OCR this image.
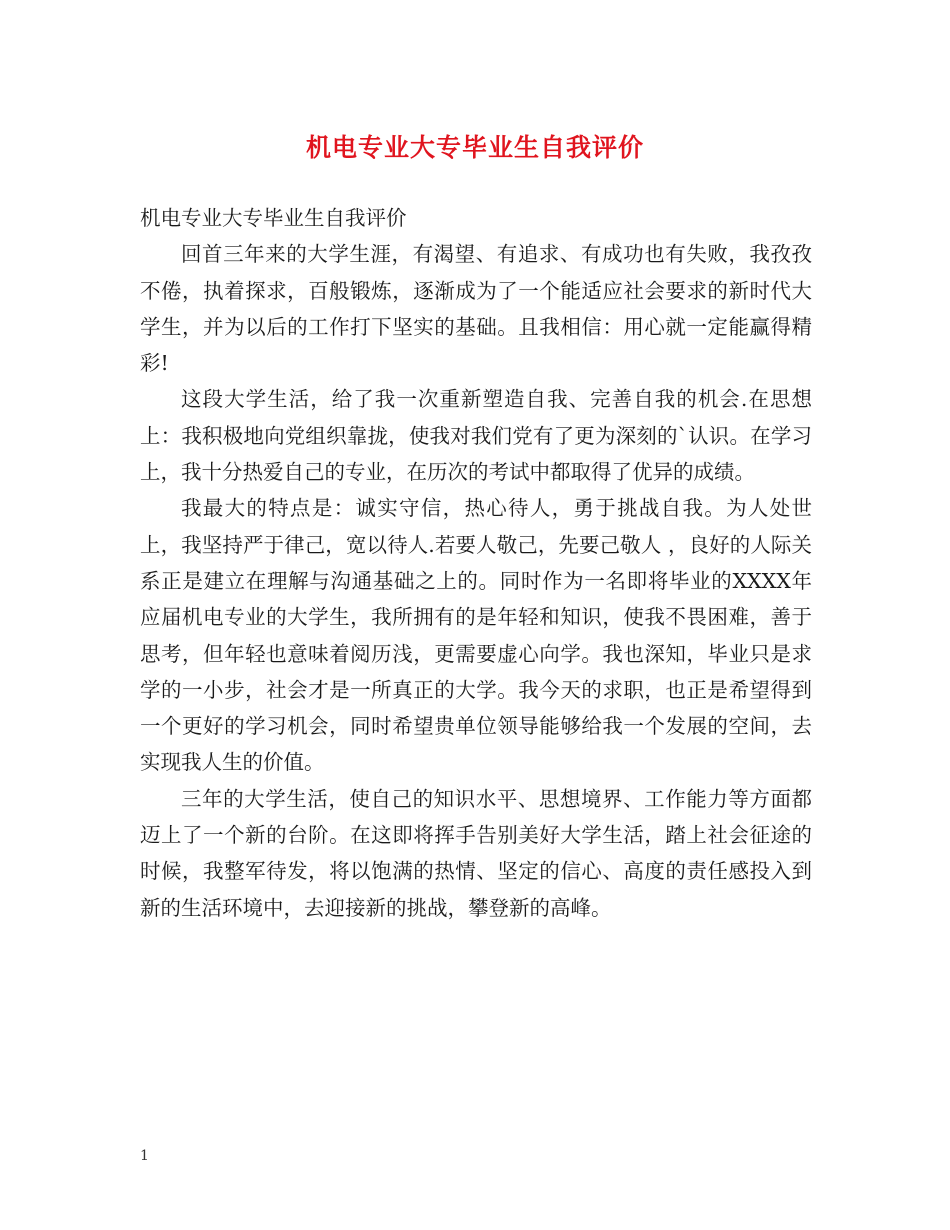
机电专业大专毕业生自我评价

机电专业大专毕业生自我评价

回首三年来的大学生涯，有渴望、有追求、有成功也有失败，我孜孜不倦，执着探求，百般锻炼，逐渐成为了一个能适应社会要求的新时代大学生，并为以后的工作打下坚实的基础。且我相信：用心就一定能赢得精彩!

这段大学生活，给了我一次重新塑造自我、完善自我的机会.在思想上：我积极地向党组织靠拢，使我对我们党有了更为深刻的`认识。在学习上，我十分热爱自己的专业，在历次的考试中都取得了优异的成绩。

我最大的特点是：诚实守信，热心待人，勇于挑战自我。为人处世上，我坚持严于律己，宽以待人.若要人敬己，先要己敬人 ，良好的人际关系正是建立在理解与沟通基础之上的。同时作为一名即将毕业的XXXX年应届机电专业的大学生，我所拥有的是年轻和知识，使我不畏困难，善于思考，但年轻也意味着阅历浅，更需要虚心向学。我也深知，毕业只是求学的一小步，社会才是一所真正的大学。我今天的求职，也正是希望得到一个更好的学习机会，同时希望贵单位领导能够给我一个发展的空间，去实现我人生的价值。

三年的大学生活，使自己的知识水平、思想境界、工作能力等方面都迈上了一个新的台阶。在这即将挥手告别美好大学生活，踏上社会征途的时候，我整军待发，将以饱满的热情、坚定的信心、高度的责任感投入到新的生活环境中，去迎接新的挑战，攀登新的高峰。

1
